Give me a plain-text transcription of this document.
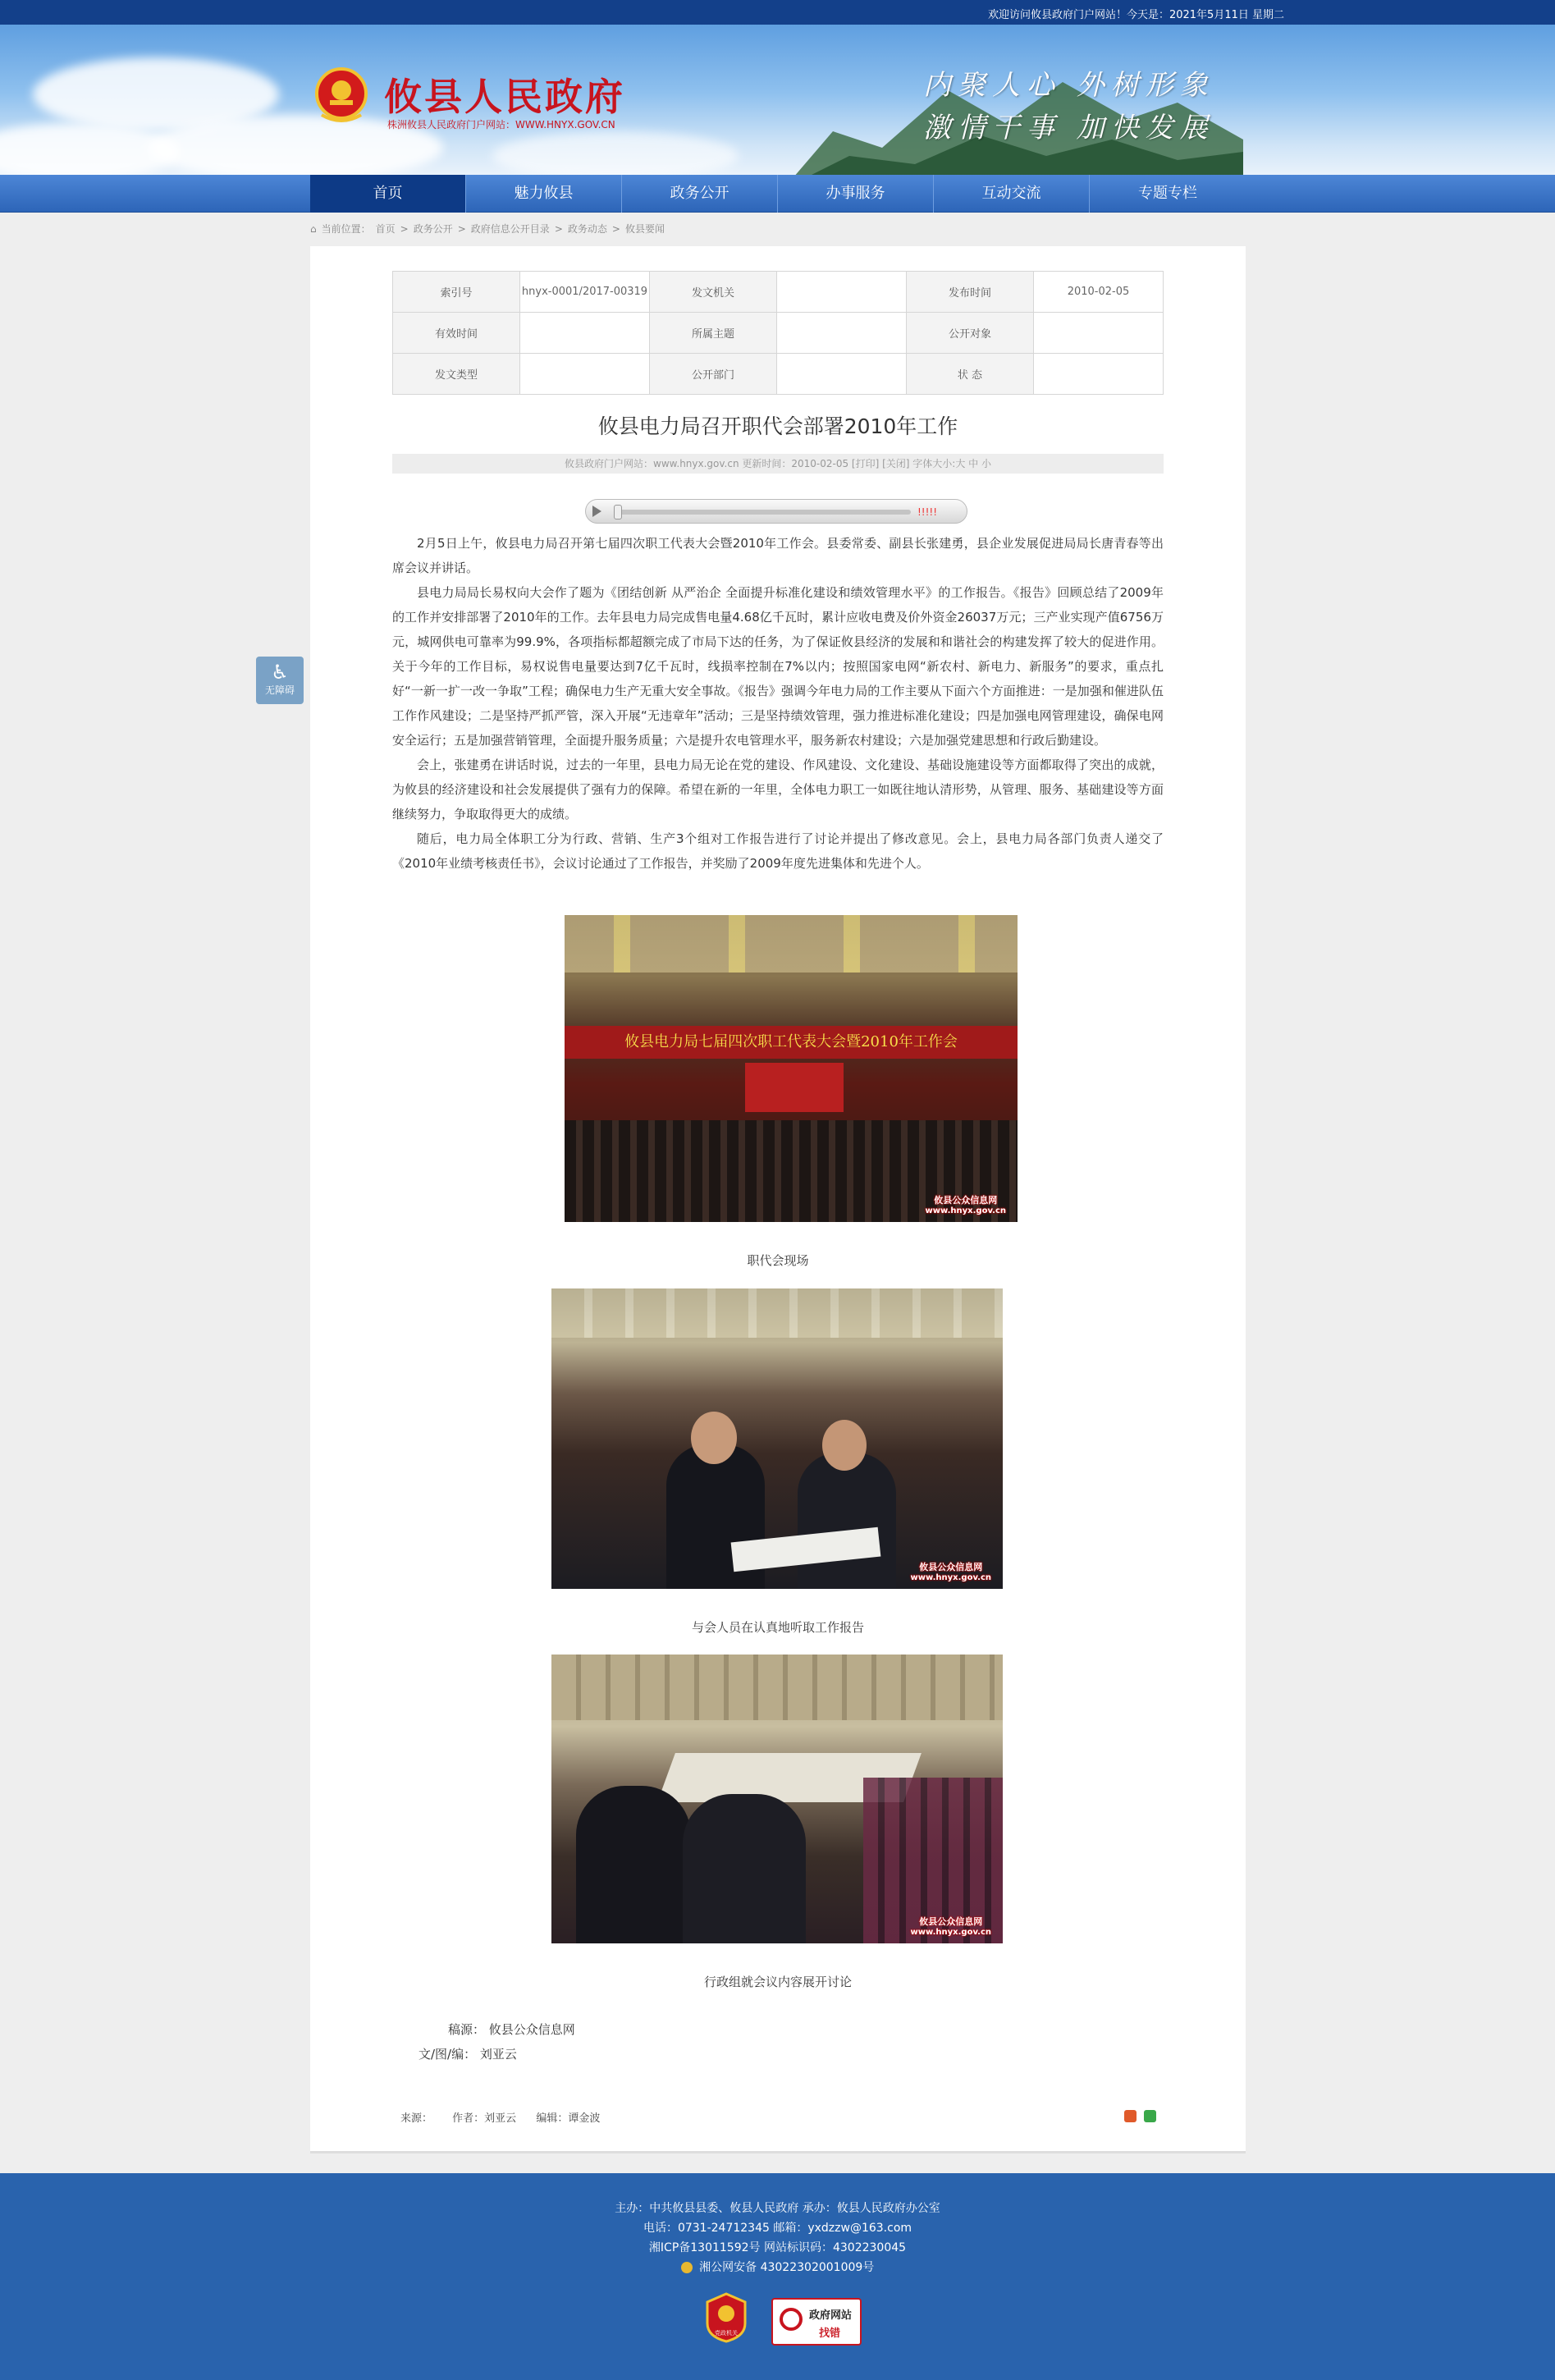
欢迎访问攸县政府门户网站！今天是：2021年5月11日 星期二
攸县人民政府
株洲攸县人民政府门户网站：WWW.HNYX.GOV.CN
内聚人心 外树形象
激情干事 加快发展
首页	魅力攸县	政务公开	办事服务	互动交流	专题专栏
⌂ 当前位置： 首页 > 政务公开 > 政府信息公开目录 > 政务动态 > 攸县要闻
♿
无障碍
索引号	hnyx-0001/2017-00319	发文机关		发布时间	2010-02-05
有效时间		所属主题		公开对象	
发文类型		公开部门		状 态	
攸县电力局召开职代会部署2010年工作
攸县政府门户网站：www.hnyx.gov.cn 更新时间：2010-02-05 [打印] [关闭] 字体大小:大 中 小
!!!!!

2月5日上午，攸县电力局召开第七届四次职工代表大会暨2010年工作会。县委常委、副县长张建勇，县企业发展促进局局长唐青春等出席会议并讲话。

县电力局局长易权向大会作了题为《团结创新 从严治企 全面提升标准化建设和绩效管理水平》的工作报告。《报告》回顾总结了2009年的工作并安排部署了2010年的工作。去年县电力局完成售电量4.68亿千瓦时，累计应收电费及价外资金26037万元；三产业实现产值6756万元，城网供电可靠率为99.9%，各项指标都超额完成了市局下达的任务，为了保证攸县经济的发展和和谐社会的构建发挥了较大的促进作用。关于今年的工作目标，易权说售电量要达到7亿千瓦时，线损率控制在7%以内；按照国家电网“新农村、新电力、新服务”的要求，重点扎好“一新一扩一改一争取”工程；确保电力生产无重大安全事故。《报告》强调今年电力局的工作主要从下面六个方面推进：一是加强和催进队伍工作作风建设；二是坚持严抓严管，深入开展“无违章年”活动；三是坚持绩效管理，强力推进标准化建设；四是加强电网管理建设，确保电网安全运行；五是加强营销管理，全面提升服务质量；六是提升农电管理水平，服务新农村建设；六是加强党建思想和行政后勤建设。

会上，张建勇在讲话时说，过去的一年里，县电力局无论在党的建设、作风建设、文化建设、基础设施建设等方面都取得了突出的成就，为攸县的经济建设和社会发展提供了强有力的保障。希望在新的一年里，全体电力职工一如既往地认清形势，从管理、服务、基础建设等方面继续努力，争取取得更大的成绩。

随后，电力局全体职工分为行政、营销、生产3个组对工作报告进行了讨论并提出了修改意见。会上，县电力局各部门负责人递交了《2010年业绩考核责任书》，会议讨论通过了工作报告，并奖励了2009年度先进集体和先进个人。

攸县电力局七届四次职工代表大会暨2010年工作会
攸县公众信息网
www.hnyx.gov.cn
职代会现场
攸县公众信息网
www.hnyx.gov.cn
与会人员在认真地听取工作报告
攸县公众信息网
www.hnyx.gov.cn
行政组就会议内容展开讨论
稿源： 攸县公众信息网
文/图/编： 刘亚云
来源： 作者：刘亚云 编辑：谭金波
主办：中共攸县县委、攸县人民政府 承办：攸县人民政府办公室
电话：0731-24712345 邮箱：yxdzzw@163.com
湘ICP备13011592号 网站标识码：4302230045
湘公网安备 43022302001009号
党政机关
政府网站
找错
